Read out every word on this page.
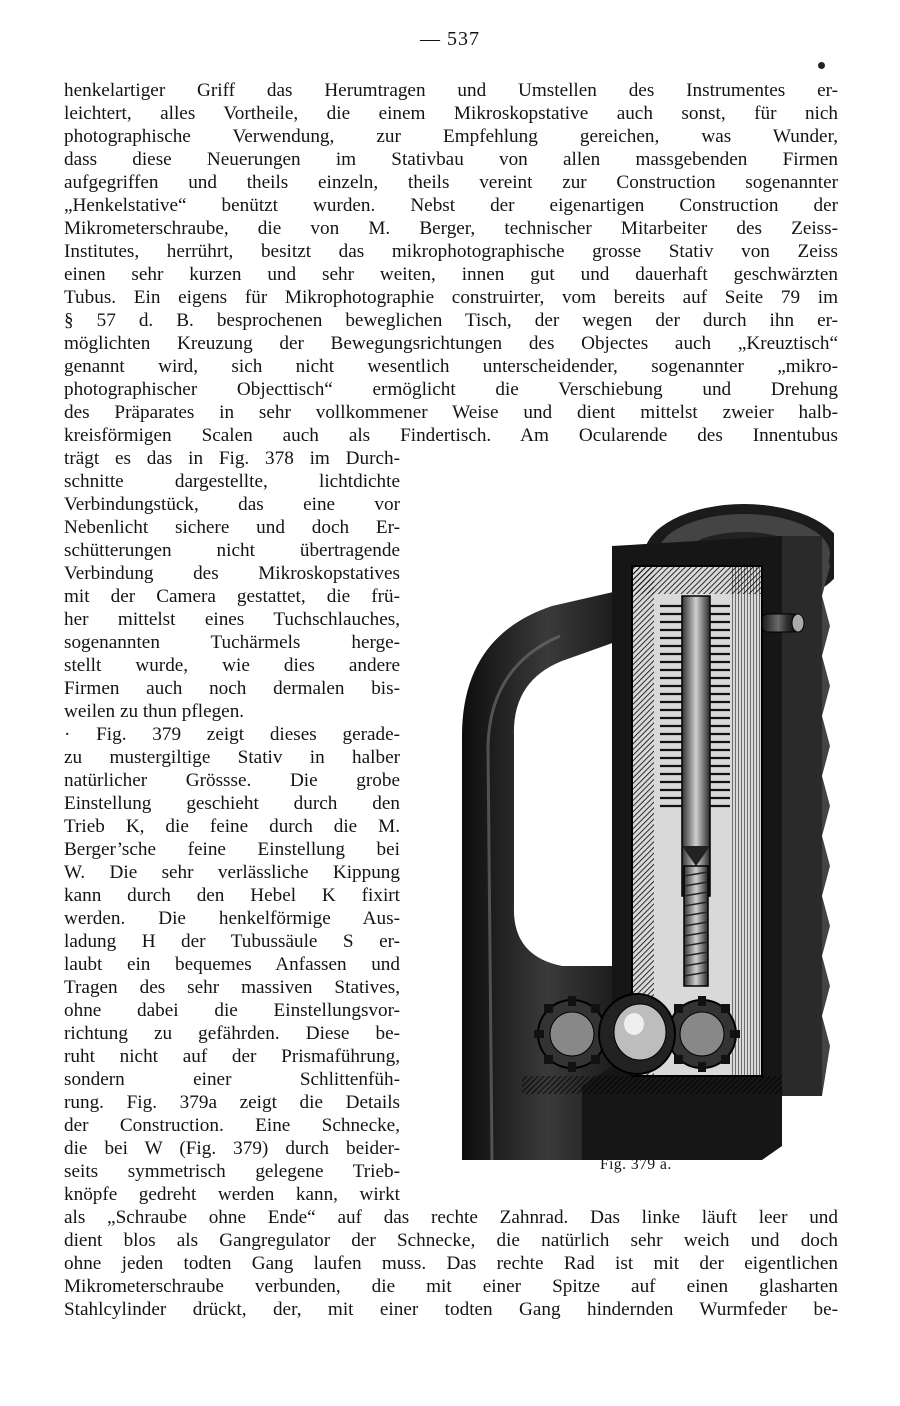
— 537
henkelartiger Griff das Herumtragen und Umstellen des Instrumentes er-
leichtert, alles Vortheile, die einem Mikroskopstative auch sonst, für nich
photographische Verwendung, zur Empfehlung gereichen, was Wunder,
dass diese Neuerungen im Stativbau von allen massgebenden Firmen
aufgegriffen und theils einzeln, theils vereint zur Construction sogenannter
„Henkelstative“ benützt wurden. Nebst der eigenartigen Construction der
Mikrometerschraube, die von M. Berger, technischer Mitarbeiter des Zeiss-
Institutes, herrührt, besitzt das mikrophotographische grosse Stativ von Zeiss
einen sehr kurzen und sehr weiten, innen gut und dauerhaft geschwärzten
Tubus. Ein eigens für Mikrophotographie construirter, vom bereits auf Seite 79 im
§ 57 d. B. besprochenen beweglichen Tisch, der wegen der durch ihn er-
möglichten Kreuzung der Bewegungsrichtungen des Objectes auch „Kreuztisch“
genannt wird, sich nicht wesentlich unterscheidender, sogenannter „mikro-
photographischer Objecttisch“ ermöglicht die Verschiebung und Drehung
des Präparates in sehr vollkommener Weise und dient mittelst zweier halb-
kreisförmigen Scalen auch als Findertisch. Am Ocularende des Innentubus
trägt es das in Fig. 378 im Durch-
schnitte dargestellte, lichtdichte
Verbindungstück, das eine vor
Nebenlicht sichere und doch Er-
schütterungen nicht übertragende
Verbindung des Mikroskopstatives
mit der Camera gestattet, die frü-
her mittelst eines Tuchschlauches,
sogenannten Tuchärmels herge-
stellt wurde, wie dies andere
Firmen auch noch dermalen bis-
weilen zu thun pflegen.
· Fig. 379 zeigt dieses gerade-
zu mustergiltige Stativ in halber
natürlicher Grössse. Die grobe
Einstellung geschieht durch den
Trieb K, die feine durch die M.
Berger’sche feine Einstellung bei
W. Die sehr verlässliche Kippung
kann durch den Hebel K fixirt
werden. Die henkelförmige Aus-
ladung H der Tubussäule S er-
laubt ein bequemes Anfassen und
Tragen des sehr massiven Statives,
ohne dabei die Einstellungsvor-
richtung zu gefährden. Diese be-
ruht nicht auf der Prismaführung,
sondern einer Schlittenfüh-
rung. Fig. 379a zeigt die Details
der Construction. Eine Schnecke,
die bei W (Fig. 379) durch beider-
seits symmetrisch gelegene Trieb-
knöpfe gedreht werden kann, wirkt
als „Schraube ohne Ende“ auf das rechte Zahnrad. Das linke läuft leer und
dient blos als Gangregulator der Schnecke, die natürlich sehr weich und doch
ohne jeden todten Gang laufen muss. Das rechte Rad ist mit der eigentlichen
Mikrometerschraube verbunden, die mit einer Spitze auf einen glasharten
Stahlcylinder drückt, der, mit einer todten Gang hindernden Wurmfeder be-
Fig. 379 a.
